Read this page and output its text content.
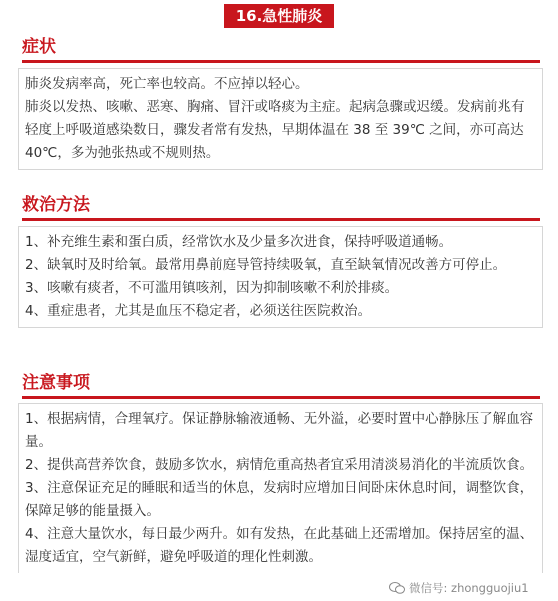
16.急性肺炎
症状

肺炎发病率高，死亡率也较高。不应掉以轻心。

肺炎以发热、咳嗽、恶寒、胸痛、冒汗或咯痰为主症。起病急骤或迟缓。发病前兆有轻度上呼吸道感染数日，骤发者常有发热，早期体温在 38 至 39℃ 之间，亦可高达40℃，多为弛张热或不规则热。

救治方法

1、补充维生素和蛋白质，经常饮水及少量多次进食，保持呼吸道通畅。

2、缺氧时及时给氧。最常用鼻前庭导管持续吸氧，直至缺氧情况改善方可停止。

3、咳嗽有痰者，不可滥用镇咳剂，因为抑制咳嗽不利於排痰。

4、重症患者，尤其是血压不稳定者，必须送往医院救治。

注意事项

1、根据病情，合理氧疗。保证静脉输液通畅、无外溢，必要时置中心静脉压了解血容量。

2、提供高营养饮食，鼓励多饮水，病情危重高热者宜采用清淡易消化的半流质饮食。

3、注意保证充足的睡眠和适当的休息，发病时应增加日间卧床休息时间，调整饮食，保障足够的能量摄入。

4、注意大量饮水，每日最少两升。如有发热，在此基础上还需增加。保持居室的温、湿度适宜，空气新鲜，避免呼吸道的理化性刺激。

微信号: zhongguojiu1
